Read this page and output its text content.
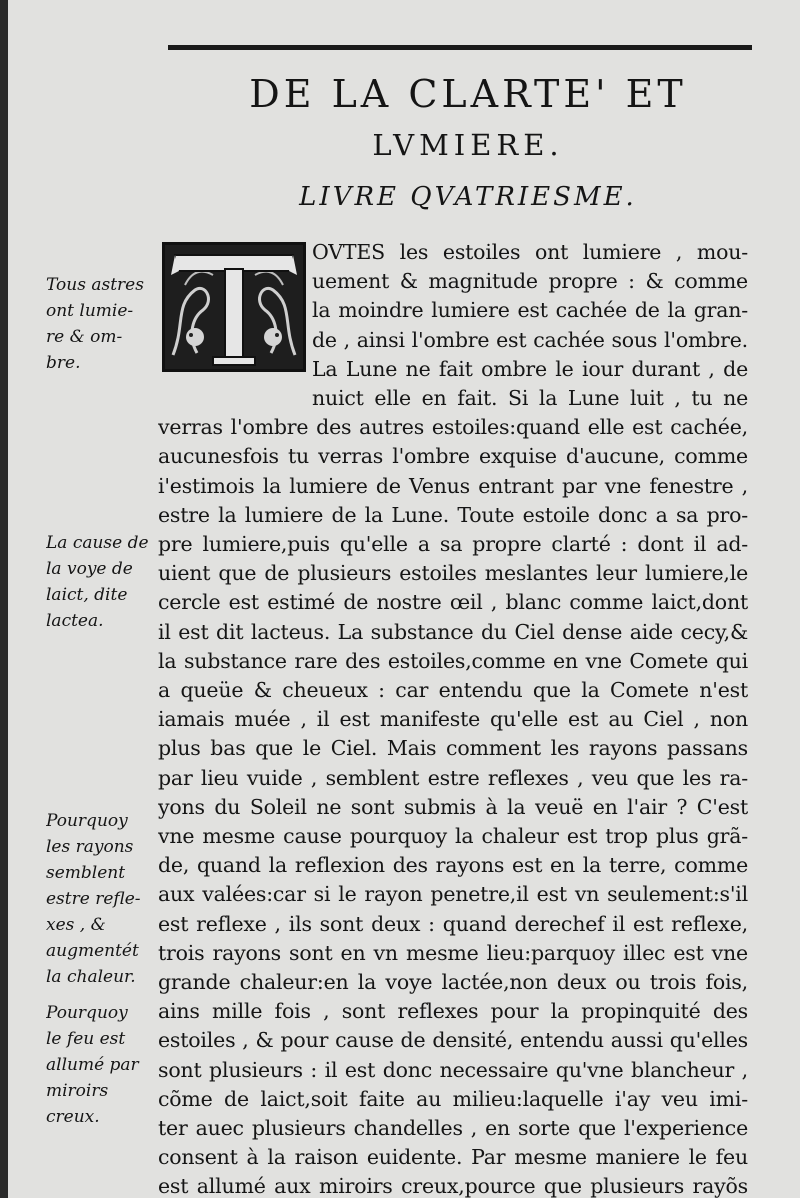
DE LA CLARTE' ET
LVMIERE.
LIVRE QVATRIESME.
Tous astres
ont lumie-
re & om-
bre.
La cause de
la voye de
laict, dite
lactea.
Pourquoy
les rayons
semblent
estre refle-
xes , &
augmentét
la chaleur.
Pourquoy
le feu est
allumé par
miroirs
creux.
OVTES les estoiles ont lumiere , mou-
uement & magnitude propre : & comme
la moindre lumiere est cachée de la gran-
de , ainsi l'ombre est cachée sous l'ombre.
La Lune ne fait ombre le iour durant , de
nuict elle en fait. Si la Lune luit , tu ne
verras l'ombre des autres estoiles:quand elle est cachée,
aucunesfois tu verras l'ombre exquise d'aucune, comme
i'estimois la lumiere de Venus entrant par vne fenestre ,
estre la lumiere de la Lune. Toute estoile donc a sa pro-
pre lumiere,puis qu'elle a sa propre clarté : dont il ad-
uient que de plusieurs estoiles meslantes leur lumiere,le
cercle est estimé de nostre œil , blanc comme laict,dont
il est dit lacteus. La substance du Ciel dense aide cecy,&
la substance rare des estoiles,comme en vne Comete qui
a queüe & cheueux : car entendu que la Comete n'est
iamais muée , il est manifeste qu'elle est au Ciel , non
plus bas que le Ciel. Mais comment les rayons passans
par lieu vuide , semblent estre reflexes , veu que les ra-
yons du Soleil ne sont submis à la veuë en l'air ? C'est
vne mesme cause pourquoy la chaleur est trop plus grã-
de, quand la reflexion des rayons est en la terre, comme
aux valées:car si le rayon penetre,il est vn seulement:s'il
est reflexe , ils sont deux : quand derechef il est reflexe,
trois rayons sont en vn mesme lieu:parquoy illec est vne
grande chaleur:en la voye lactée,non deux ou trois fois,
ains mille fois , sont reflexes pour la propinquité des
estoiles , & pour cause de densité, entendu aussi qu'elles
sont plusieurs : il est donc necessaire qu'vne blancheur ,
cõme de laict,soit faite au milieu:laquelle i'ay veu imi-
ter auec plusieurs chandelles , en sorte que l'experience
consent à la raison euidente. Par mesme maniere le feu
est allumé aux miroirs creux,pource que plusieurs rayõs
